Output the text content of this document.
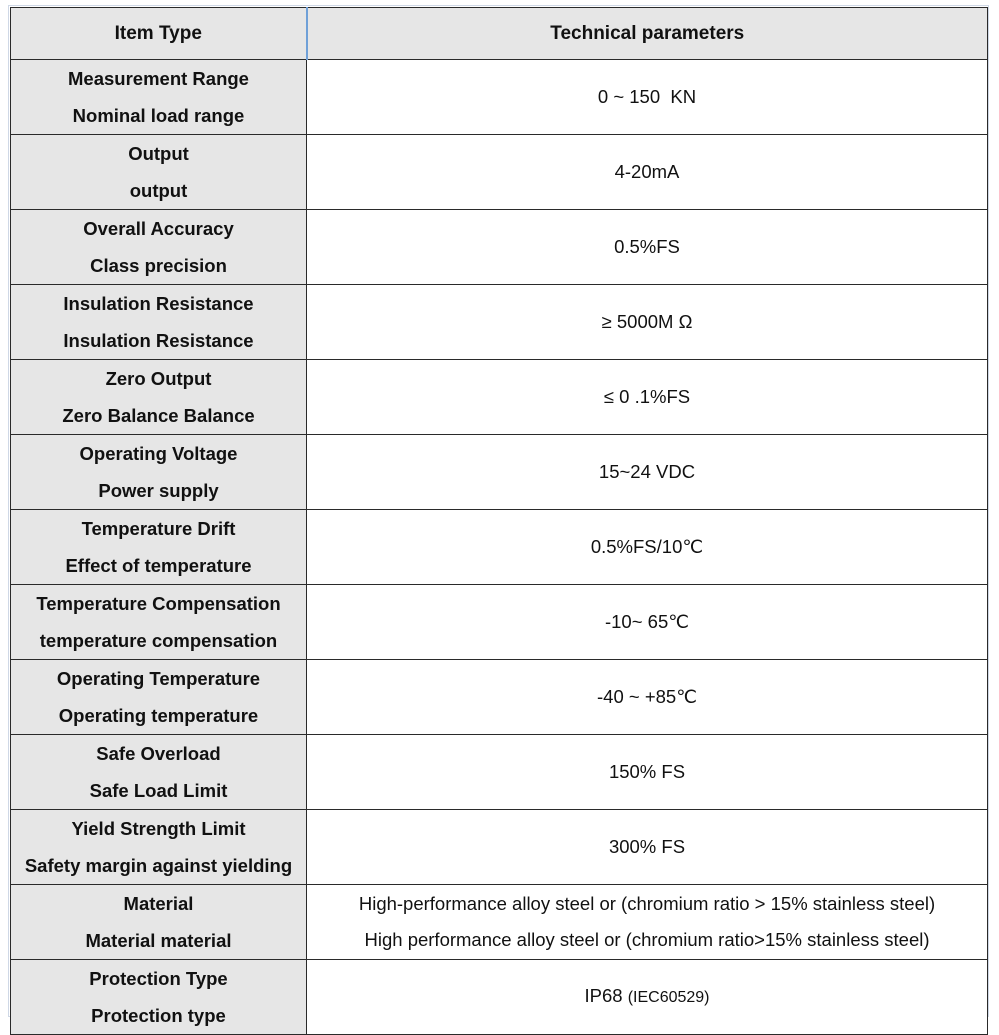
Item Type	Technical parameters

Measurement Range
Nominal load range	0 ~ 150  KN

Output
output	4-20mA

Overall Accuracy
Class precision	0.5%FS

Insulation Resistance
Insulation Resistance	≥ 5000M Ω

Zero Output
Zero Balance Balance	≤ 0 .1%FS

Operating Voltage
Power supply	15~24 VDC

Temperature Drift
Effect of temperature	0.5%FS/10℃

Temperature Compensation
temperature compensation	-10~ 65℃

Operating Temperature
Operating temperature	-40 ~ +85℃

Safe Overload
Safe Load Limit	150% FS

Yield Strength Limit
Safety margin against yielding	300% FS

Material
Material material	High-performance alloy steel or (chromium ratio > 15% stainless steel)
High performance alloy steel or (chromium ratio>15% stainless steel)

Protection Type
Protection type	IP68 (IEC60529)
